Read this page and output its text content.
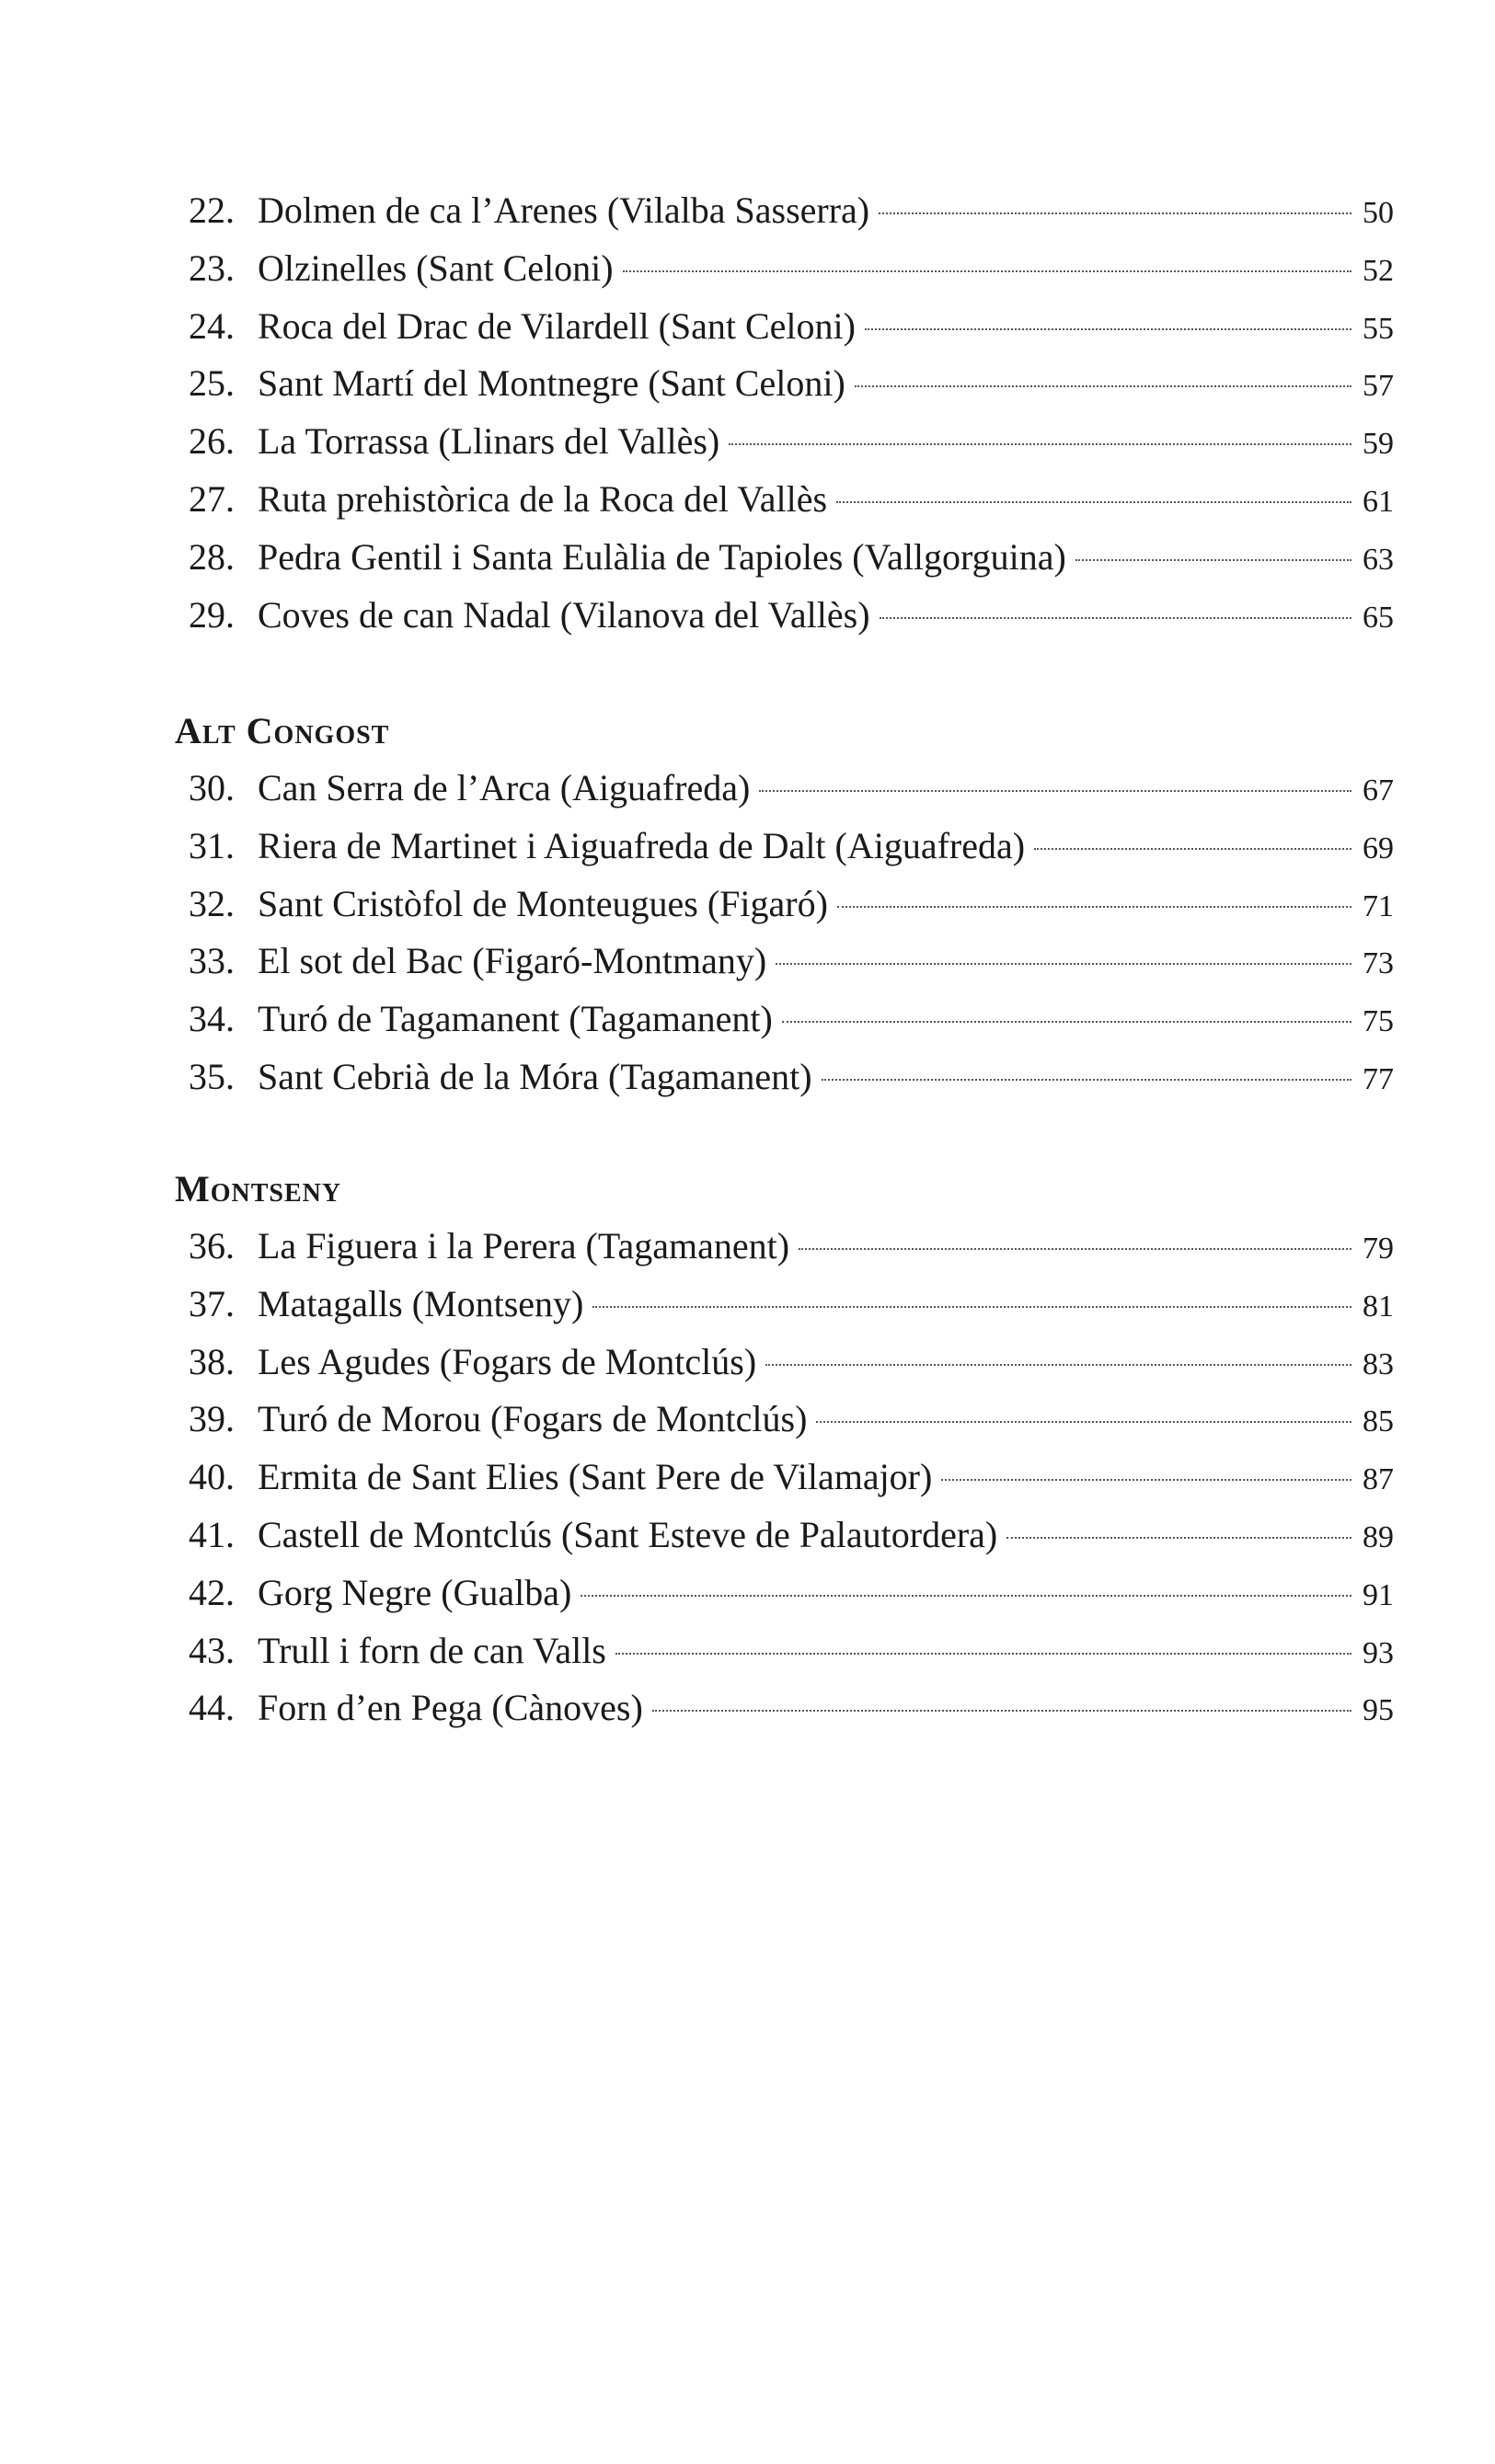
22. Dolmen de ca l’Arenes (Vilalba Sasserra)	50
23. Olzinelles (Sant Celoni)	52
24. Roca del Drac de Vilardell (Sant Celoni)	55
25. Sant Martí del Montnegre (Sant Celoni)	57
26. La Torrassa (Llinars del Vallès)	59
27. Ruta prehistòrica de la Roca del Vallès	61
28. Pedra Gentil i Santa Eulàlia de Tapioles (Vallgorguina)	63
29. Coves de can Nadal (Vilanova del Vallès)	65
Alt Congost
30. Can Serra de l’Arca (Aiguafreda)	67
31. Riera de Martinet i Aiguafreda de Dalt (Aiguafreda)	69
32. Sant Cristòfol de Monteugues (Figaró)	71
33. El sot del Bac (Figaró-Montmany)	73
34. Turó de Tagamanent (Tagamanent)	75
35. Sant Cebrià de la Móra (Tagamanent)	77
Montseny
36. La Figuera i la Perera (Tagamanent)	79
37. Matagalls (Montseny)	81
38. Les Agudes (Fogars de Montclús)	83
39. Turó de Morou (Fogars de Montclús)	85
40. Ermita de Sant Elies (Sant Pere de Vilamajor)	87
41. Castell de Montclús (Sant Esteve de Palautordera)	89
42. Gorg Negre (Gualba)	91
43. Trull i forn de can Valls	93
44. Forn d’en Pega (Cànoves)	95
